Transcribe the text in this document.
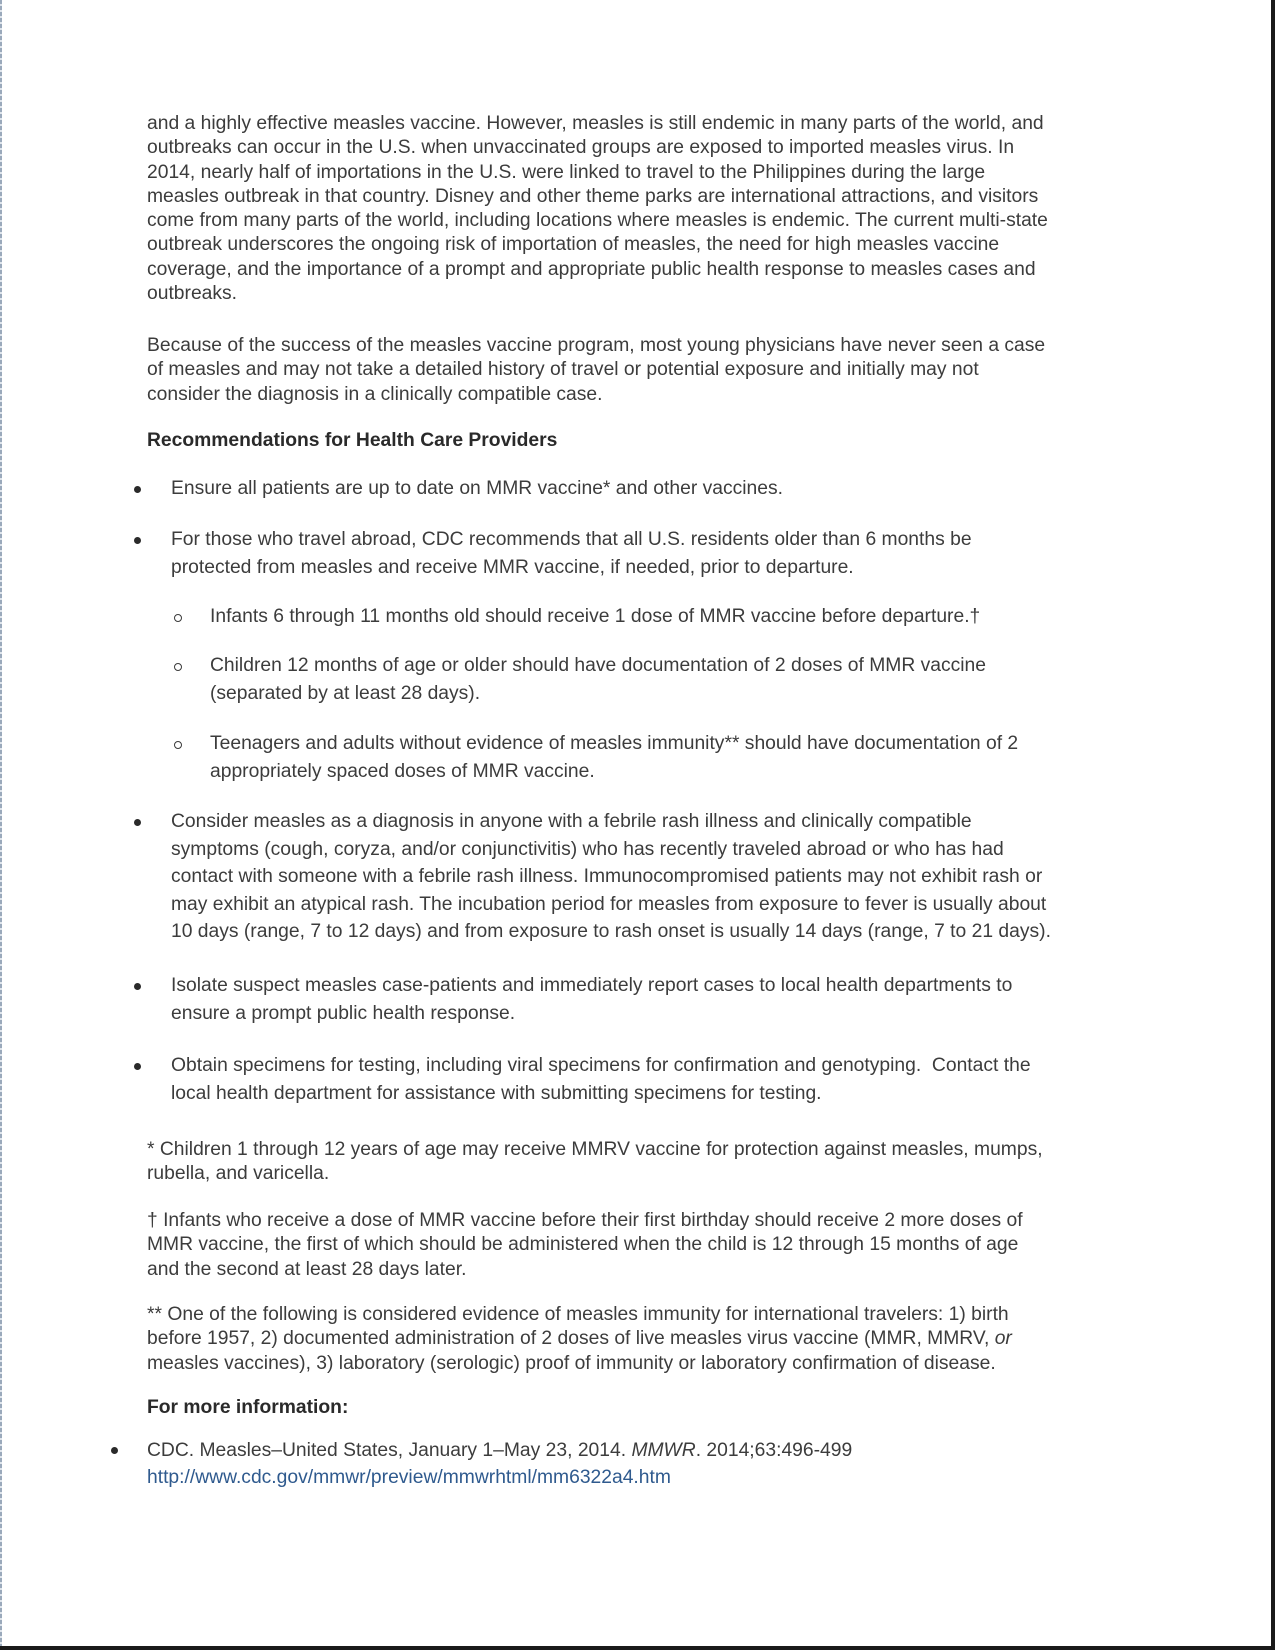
and a highly effective measles vaccine. However, measles is still endemic in many parts of the world, and
outbreaks can occur in the U.S. when unvaccinated groups are exposed to imported measles virus. In
2014, nearly half of importations in the U.S. were linked to travel to the Philippines during the large
measles outbreak in that country. Disney and other theme parks are international attractions, and visitors
come from many parts of the world, including locations where measles is endemic. The current multi-state
outbreak underscores the ongoing risk of importation of measles, the need for high measles vaccine
coverage, and the importance of a prompt and appropriate public health response to measles cases and
outbreaks.
Because of the success of the measles vaccine program, most young physicians have never seen a case
of measles and may not take a detailed history of travel or potential exposure and initially may not
consider the diagnosis in a clinically compatible case.
Recommendations for Health Care Providers

Ensure all patients are up to date on MMR vaccine* and other vaccines.

For those who travel abroad, CDC recommends that all U.S. residents older than 6 months be
protected from measles and receive MMR vaccine, if needed, prior to departure.

Infants 6 through 11 months old should receive 1 dose of MMR vaccine before departure.†

Children 12 months of age or older should have documentation of 2 doses of MMR vaccine
(separated by at least 28 days).

Teenagers and adults without evidence of measles immunity** should have documentation of 2
appropriately spaced doses of MMR vaccine.

Consider measles as a diagnosis in anyone with a febrile rash illness and clinically compatible
symptoms (cough, coryza, and/or conjunctivitis) who has recently traveled abroad or who has had
contact with someone with a febrile rash illness. Immunocompromised patients may not exhibit rash or
may exhibit an atypical rash. The incubation period for measles from exposure to fever is usually about
10 days (range, 7 to 12 days) and from exposure to rash onset is usually 14 days (range, 7 to 21 days).

Isolate suspect measles case-patients and immediately report cases to local health departments to
ensure a prompt public health response.

Obtain specimens for testing, including viral specimens for confirmation and genotyping.  Contact the
local health department for assistance with submitting specimens for testing.

* Children 1 through 12 years of age may receive MMRV vaccine for protection against measles, mumps,
rubella, and varicella.
† Infants who receive a dose of MMR vaccine before their first birthday should receive 2 more doses of
MMR vaccine, the first of which should be administered when the child is 12 through 15 months of age
and the second at least 28 days later.
** One of the following is considered evidence of measles immunity for international travelers: 1) birth
before 1957, 2) documented administration of 2 doses of live measles virus vaccine (MMR, MMRV, or
measles vaccines), 3) laboratory (serologic) proof of immunity or laboratory confirmation of disease.
For more information:

CDC. Measles–United States, January 1–May 23, 2014. MMWR. 2014;63:496-499
http://www.cdc.gov/mmwr/preview/mmwrhtml/mm6322a4.htm
